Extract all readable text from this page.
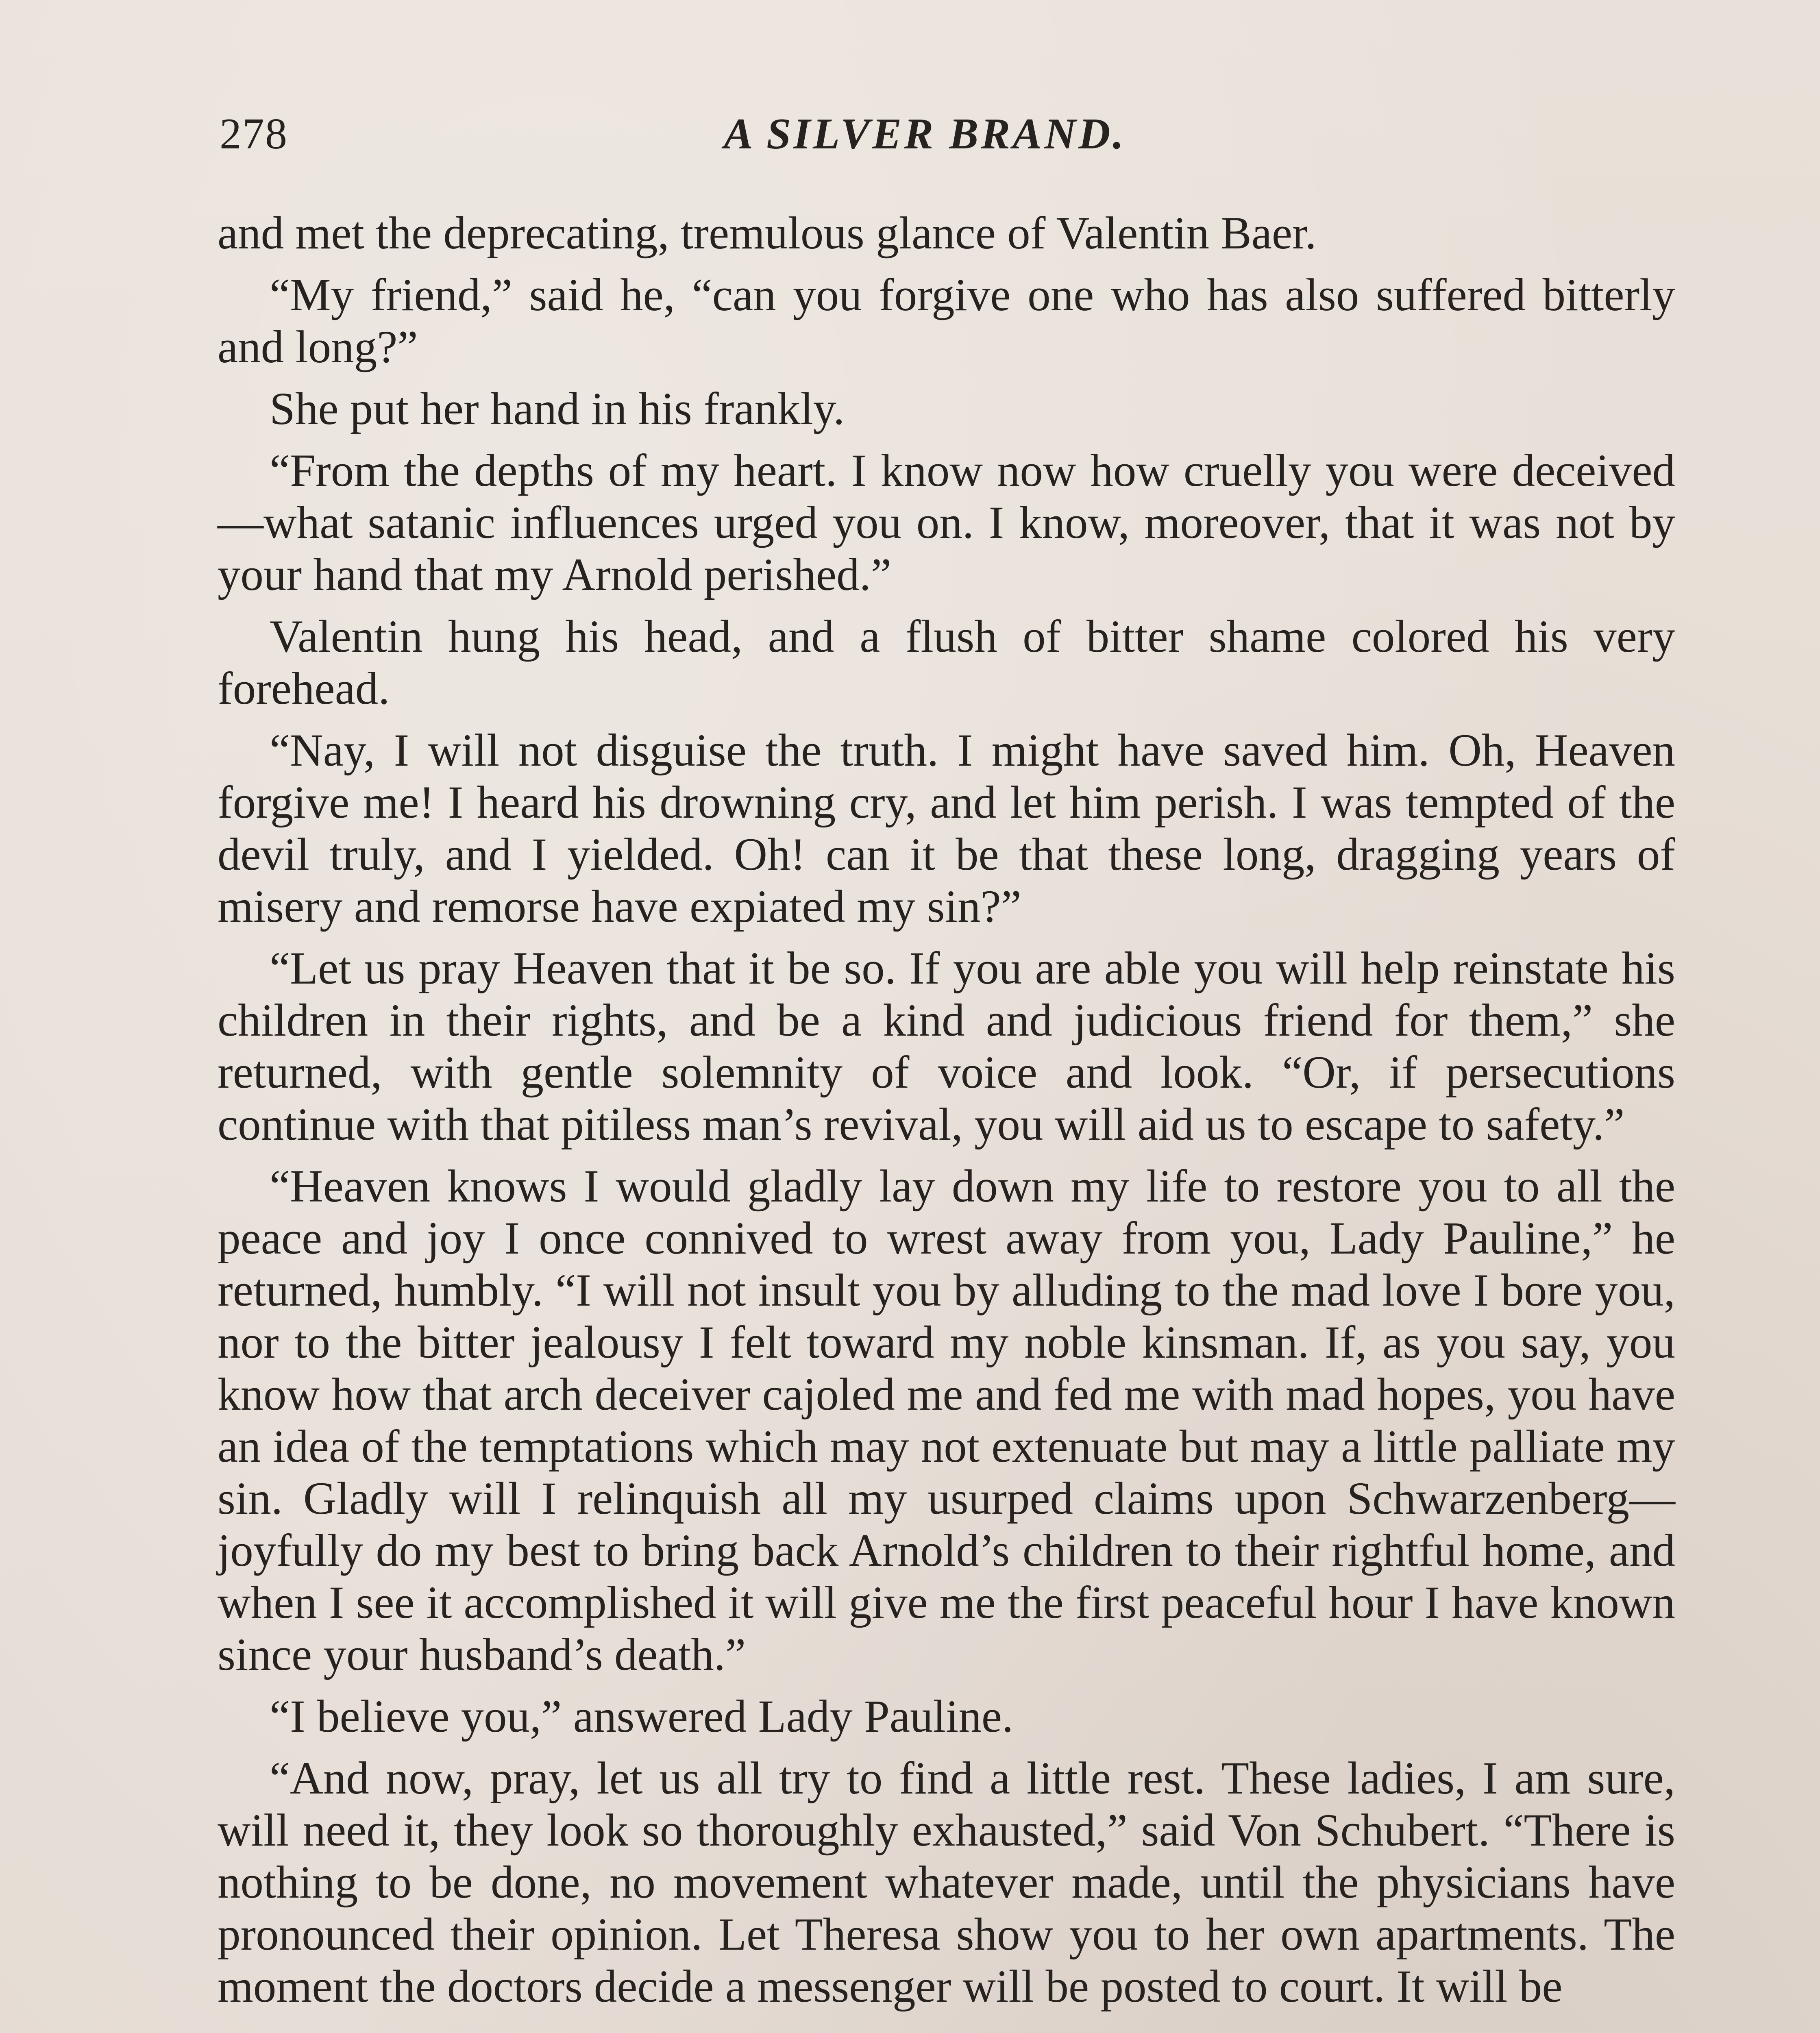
278	A SILVER BRAND.

and met the deprecating, tremulous glance of Valentin Baer.

“My friend,” said he, “can you forgive one who has also suffered bitterly and long?”

She put her hand in his frankly.

“From the depths of my heart. I know now how cruelly you were deceived—what satanic influences urged you on. I know, moreover, that it was not by your hand that my Arnold perished.”

Valentin hung his head, and a flush of bitter shame colored his very forehead.

“Nay, I will not disguise the truth. I might have saved him. Oh, Heaven forgive me! I heard his drowning cry, and let him perish. I was tempted of the devil truly, and I yielded. Oh! can it be that these long, dragging years of misery and remorse have expiated my sin?”

“Let us pray Heaven that it be so. If you are able you will help reinstate his children in their rights, and be a kind and judicious friend for them,” she returned, with gentle solemnity of voice and look. “Or, if persecutions continue with that pitiless man’s revival, you will aid us to escape to safety.”

“Heaven knows I would gladly lay down my life to restore you to all the peace and joy I once connived to wrest away from you, Lady Pauline,” he returned, humbly. “I will not insult you by alluding to the mad love I bore you, nor to the bitter jealousy I felt toward my noble kinsman. If, as you say, you know how that arch deceiver cajoled me and fed me with mad hopes, you have an idea of the temptations which may not extenuate but may a little palliate my sin. Gladly will I relinquish all my usurped claims upon Schwarzenberg—joyfully do my best to bring back Arnold’s children to their rightful home, and when I see it accomplished it will give me the first peaceful hour I have known since your husband’s death.”

“I believe you,” answered Lady Pauline.

“And now, pray, let us all try to find a little rest. These ladies, I am sure, will need it, they look so thoroughly exhausted,” said Von Schubert. “There is nothing to be done, no movement whatever made, until the physicians have pronounced their opinion. Let Theresa show you to her own apartments. The moment the doctors decide a messenger will be posted to court. It will be
